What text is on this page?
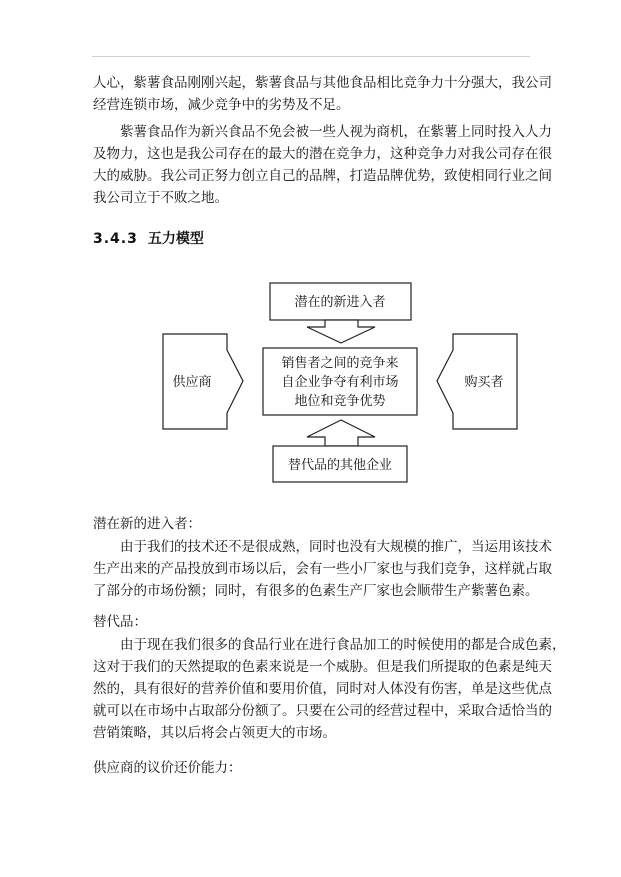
人心，紫薯食品刚刚兴起，紫薯食品与其他食品相比竞争力十分强大，我公司
经营连锁市场，减少竞争中的劣势及不足。
紫薯食品作为新兴食品不免会被一些人视为商机，在紫薯上同时投入人力
及物力，这也是我公司存在的最大的潜在竞争力，这种竞争力对我公司存在很
大的威胁。我公司正努力创立自己的品牌，打造品牌优势，致使相同行业之间
我公司立于不败之地。
3.4.3 五力模型
潜在的新进入者
销售者之间的竞争来
自企业争夺有利市场
地位和竞争优势
替代品的其他企业
供应商	购买者
潜在新的进入者：
由于我们的技术还不是很成熟，同时也没有大规模的推广，当运用该技术
生产出来的产品投放到市场以后，会有一些小厂家也与我们竞争，这样就占取
了部分的市场份额；同时，有很多的色素生产厂家也会顺带生产紫薯色素。
替代品：
由于现在我们很多的食品行业在进行食品加工的时候使用的都是合成色素，
这对于我们的天然提取的色素来说是一个威胁。但是我们所提取的色素是纯天
然的，具有很好的营养价值和要用价值，同时对人体没有伤害，单是这些优点
就可以在市场中占取部分份额了。只要在公司的经营过程中，采取合适恰当的
营销策略，其以后将会占领更大的市场。
供应商的议价还价能力：
